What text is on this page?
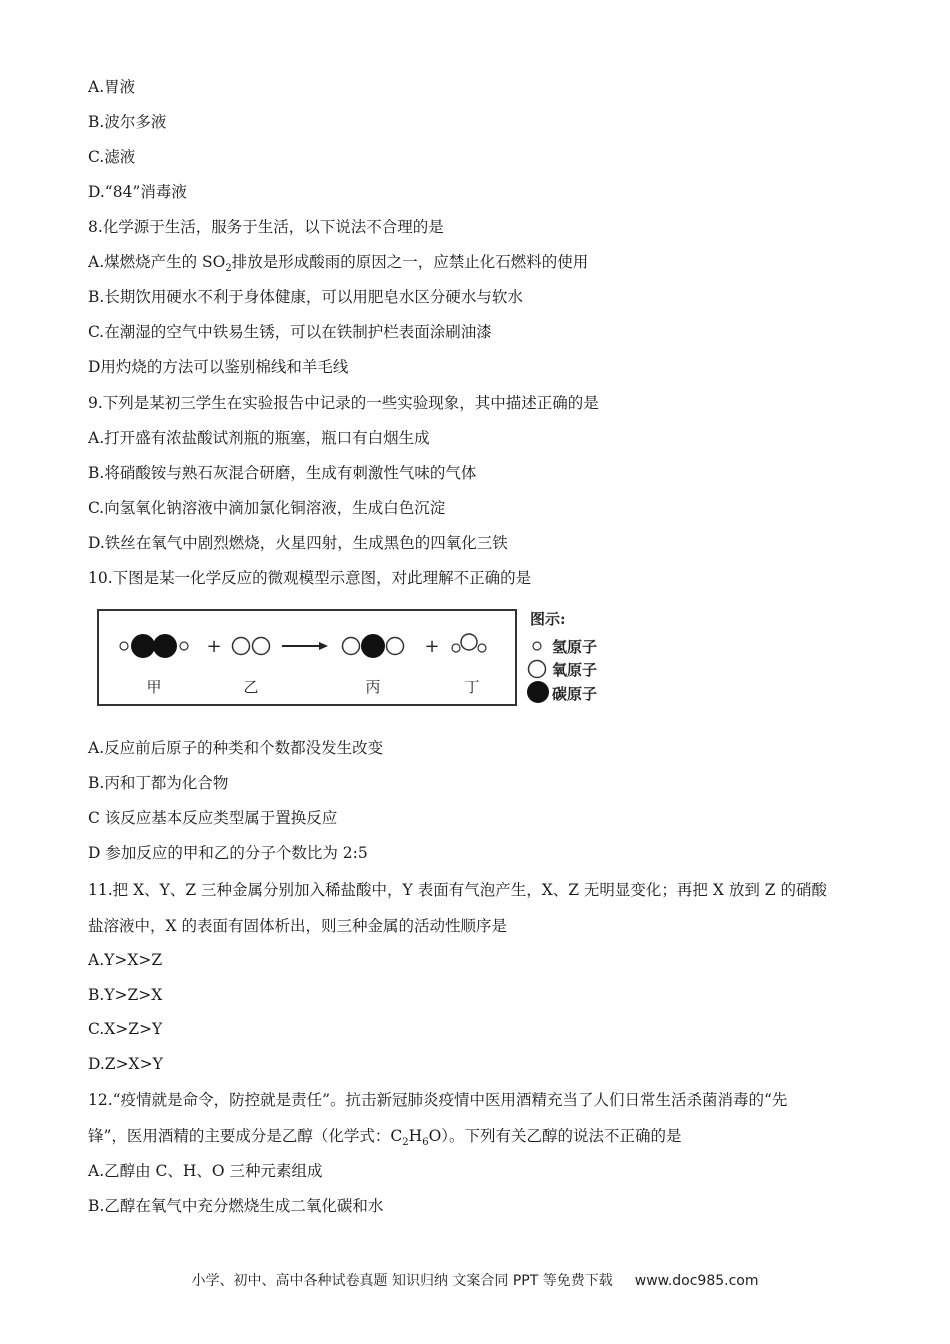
A.胃液
B.波尔多液
C.滤液
D.“84”消毒液
8.化学源于生活，服务于生活，以下说法不合理的是
A.煤燃烧产生的 $SO_2$排放是形成酸雨的原因之一，应禁止化石燃料的使用
B.长期饮用硬水不利于身体健康，可以用肥皂水区分硬水与软水
C.在潮湿的空气中铁易生锈，可以在铁制护栏表面涂刷油漆
D用灼烧的方法可以鉴别棉线和羊毛线
9.下列是某初三学生在实验报告中记录的一些实验现象，其中描述正确的是
A.打开盛有浓盐酸试剂瓶的瓶塞，瓶口有白烟生成
B.将硝酸铵与熟石灰混合研磨，生成有刺激性气味的气体
C.向氢氧化钠溶液中滴加氯化铜溶液，生成白色沉淀
D.铁丝在氧气中剧烈燃烧，火星四射，生成黑色的四氧化三铁
10.下图是某一化学反应的微观模型示意图，对此理解不正确的是
+	+
甲	乙	丙	丁
图示:
氢原子
氧原子
碳原子
A.反应前后原子的种类和个数都没发生改变
B.丙和丁都为化合物
C 该反应基本反应类型属于置换反应
D 参加反应的甲和乙的分子个数比为 2:5
11.把 X、Y、Z 三种金属分别加入稀盐酸中，Y 表面有气泡产生，X、Z 无明显变化；再把 X 放到 Z 的硝酸
盐溶液中，X 的表面有固体析出，则三种金属的活动性顺序是
A.Y>X>Z
B.Y>Z>X
C.X>Z>Y
D.Z>X>Y
12.“疫情就是命令，防控就是责任”。抗击新冠肺炎疫情中医用酒精充当了人们日常生活杀菌消毒的“先
锋”，医用酒精的主要成分是乙醇（化学式：$C_2H_6O$）。下列有关乙醇的说法不正确的是
A.乙醇由 C、H、O 三种元素组成
B.乙醇在氧气中充分燃烧生成二氧化碳和水
小学、初中、高中各种试卷真题 知识归纳 文案合同 PPT 等免费下载 www.doc985.com
